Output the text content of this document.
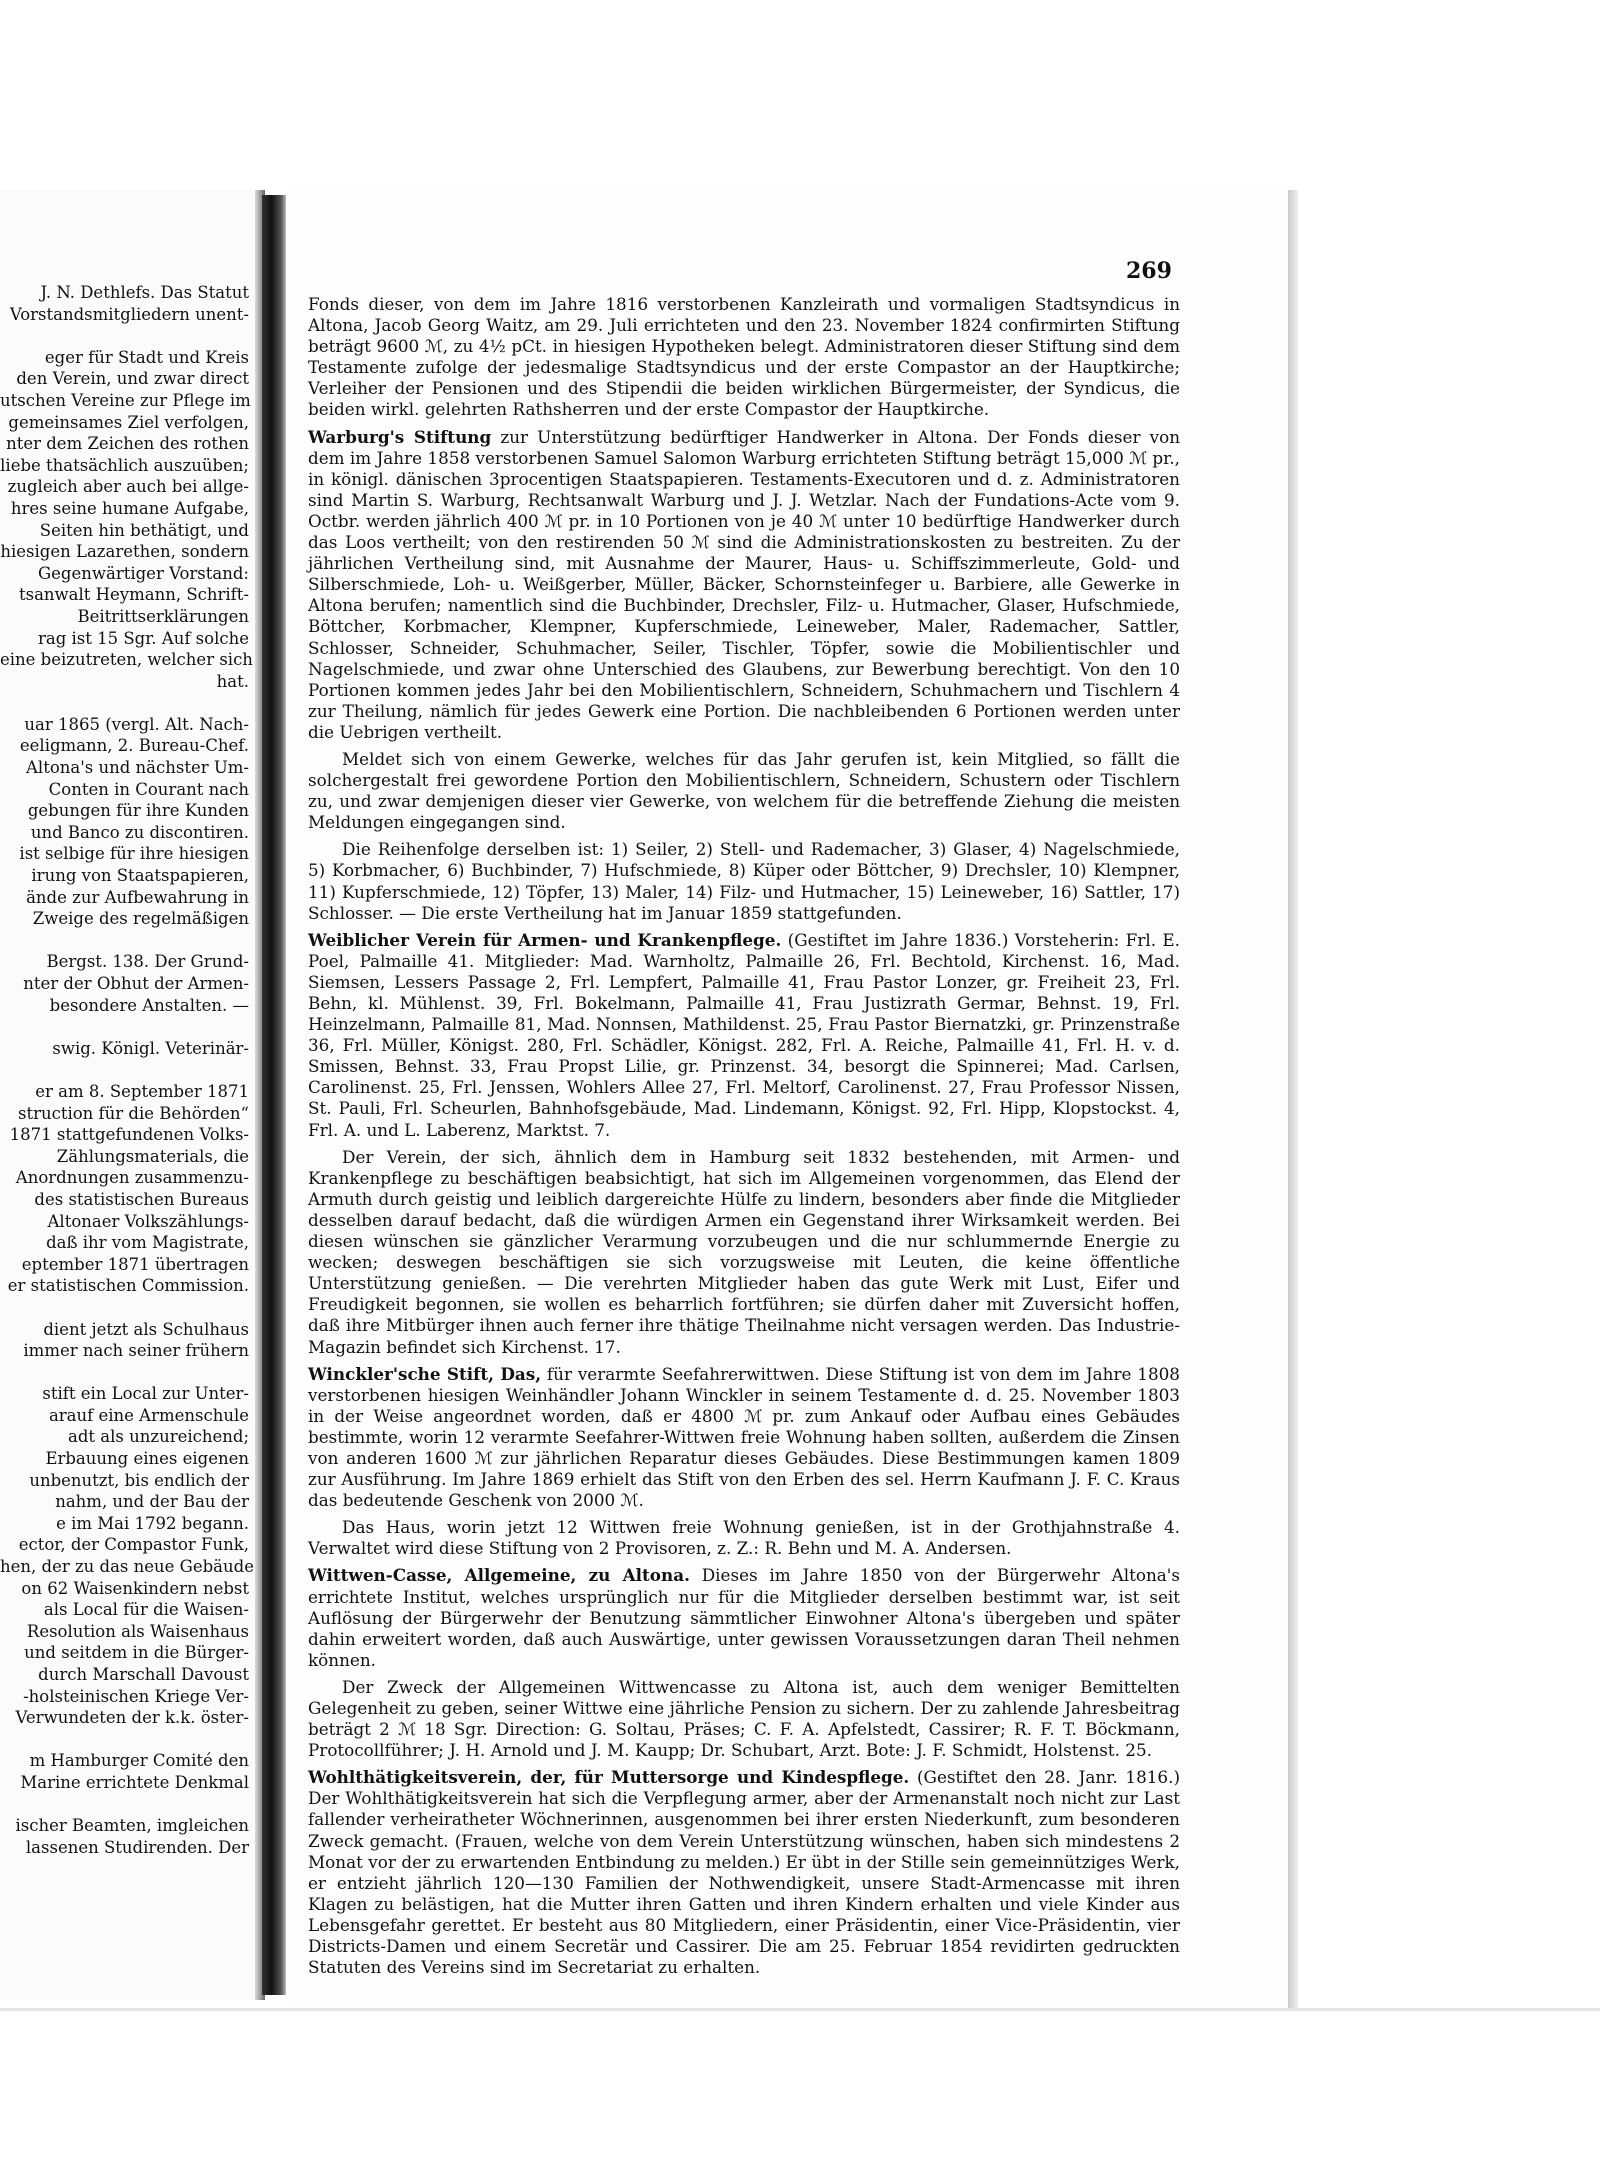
J. N. Dethlefs. Das Statut
Vorstandsmitgliedern unent-
eger für Stadt und Kreis
den Verein, und zwar direct
utschen Vereine zur Pflege im
gemeinsames Ziel verfolgen,
nter dem Zeichen des rothen
liebe thatsächlich auszuüben;
zugleich aber auch bei allge-
hres seine humane Aufgabe,
Seiten hin bethätigt, und
hiesigen Lazarethen, sondern
Gegenwärtiger Vorstand:
tsanwalt Heymann, Schrift-
Beitrittserklärungen
rag ist 15 Sgr. Auf solche
eine beizutreten, welcher sich
hat.
uar 1865 (vergl. Alt. Nach-
eeligmann, 2. Bureau-Chef.
Altona's und nächster Um-
Conten in Courant nach
gebungen für ihre Kunden
und Banco zu discontiren.
ist selbige für ihre hiesigen
irung von Staatspapieren,
ände zur Aufbewahrung in
Zweige des regelmäßigen
Bergst. 138. Der Grund-
nter der Obhut der Armen-
besondere Anstalten. —
swig. Königl. Veterinär-
er am 8. September 1871
struction für die Behörden“
1871 stattgefundenen Volks-
Zählungsmaterials, die
Anordnungen zusammenzu-
des statistischen Bureaus
Altonaer Volkszählungs-
daß ihr vom Magistrate,
eptember 1871 übertragen
er statistischen Commission.
dient jetzt als Schulhaus
immer nach seiner frühern
stift ein Local zur Unter-
arauf eine Armenschule
adt als unzureichend;
Erbauung eines eigenen
unbenutzt, bis endlich der
nahm, und der Bau der
e im Mai 1792 begann.
ector, der Compastor Funk,
hen, der zu das neue Gebäude
on 62 Waisenkindern nebst
als Local für die Waisen-
Resolution als Waisenhaus
und seitdem in die Bürger-
durch Marschall Davoust
-holsteinischen Kriege Ver-
Verwundeten der k.k. öster-
m Hamburger Comité den
Marine errichtete Denkmal
ischer Beamten, imgleichen
lassenen Studirenden. Der
269

Fonds dieser, von dem im Jahre 1816 verstorbenen Kanzleirath und vormaligen Stadtsyndicus in Altona, Jacob Georg Waitz, am 29. Juli errichteten und den 23. November 1824 confirmirten Stiftung beträgt 9600 ℳ, zu 4½ pCt. in hiesigen Hypotheken belegt. Administratoren dieser Stiftung sind dem Testamente zufolge der jedesmalige Stadtsyndicus und der erste Compastor an der Hauptkirche; Verleiher der Pensionen und des Stipendii die beiden wirklichen Bürgermeister, der Syndicus, die beiden wirkl. gelehrten Rathsherren und der erste Compastor der Hauptkirche.

Warburg's Stiftung zur Unterstützung bedürftiger Handwerker in Altona. Der Fonds dieser von dem im Jahre 1858 verstorbenen Samuel Salomon Warburg errichteten Stiftung beträgt 15,000 ℳ pr., in königl. dänischen 3procentigen Staatspapieren. Testaments-Executoren und d. z. Administratoren sind Martin S. Warburg, Rechtsanwalt Warburg und J. J. Wetzlar. Nach der Fundations-Acte vom 9. Octbr. werden jährlich 400 ℳ pr. in 10 Portionen von je 40 ℳ unter 10 bedürftige Handwerker durch das Loos vertheilt; von den restirenden 50 ℳ sind die Administrationskosten zu bestreiten. Zu der jährlichen Vertheilung sind, mit Ausnahme der Maurer, Haus- u. Schiffszimmerleute, Gold- und Silberschmiede, Loh- u. Weißgerber, Müller, Bäcker, Schornsteinfeger u. Barbiere, alle Gewerke in Altona berufen; namentlich sind die Buchbinder, Drechsler, Filz- u. Hutmacher, Glaser, Hufschmiede, Böttcher, Korbmacher, Klempner, Kupferschmiede, Leineweber, Maler, Rademacher, Sattler, Schlosser, Schneider, Schuhmacher, Seiler, Tischler, Töpfer, sowie die Mobilientischler und Nagelschmiede, und zwar ohne Unterschied des Glaubens, zur Bewerbung berechtigt. Von den 10 Portionen kommen jedes Jahr bei den Mobilientischlern, Schneidern, Schuhmachern und Tischlern 4 zur Theilung, nämlich für jedes Gewerk eine Portion. Die nachbleibenden 6 Portionen werden unter die Uebrigen vertheilt.

Meldet sich von einem Gewerke, welches für das Jahr gerufen ist, kein Mitglied, so fällt die solchergestalt frei gewordene Portion den Mobilientischlern, Schneidern, Schustern oder Tischlern zu, und zwar demjenigen dieser vier Gewerke, von welchem für die betreffende Ziehung die meisten Meldungen eingegangen sind.

Die Reihenfolge derselben ist: 1) Seiler, 2) Stell- und Rademacher, 3) Glaser, 4) Nagelschmiede, 5) Korbmacher, 6) Buchbinder, 7) Hufschmiede, 8) Küper oder Böttcher, 9) Drechsler, 10) Klempner, 11) Kupferschmiede, 12) Töpfer, 13) Maler, 14) Filz- und Hutmacher, 15) Leineweber, 16) Sattler, 17) Schlosser. — Die erste Vertheilung hat im Januar 1859 stattgefunden.

Weiblicher Verein für Armen- und Krankenpflege. (Gestiftet im Jahre 1836.) Vorsteherin: Frl. E. Poel, Palmaille 41. Mitglieder: Mad. Warnholtz, Palmaille 26, Frl. Bechtold, Kirchenst. 16, Mad. Siemsen, Lessers Passage 2, Frl. Lempfert, Palmaille 41, Frau Pastor Lonzer, gr. Freiheit 23, Frl. Behn, kl. Mühlenst. 39, Frl. Bokelmann, Palmaille 41, Frau Justizrath Germar, Behnst. 19, Frl. Heinzelmann, Palmaille 81, Mad. Nonnsen, Mathildenst. 25, Frau Pastor Biernatzki, gr. Prinzenstraße 36, Frl. Müller, Königst. 280, Frl. Schädler, Königst. 282, Frl. A. Reiche, Palmaille 41, Frl. H. v. d. Smissen, Behnst. 33, Frau Propst Lilie, gr. Prinzenst. 34, besorgt die Spinnerei; Mad. Carlsen, Carolinenst. 25, Frl. Jenssen, Wohlers Allee 27, Frl. Meltorf, Carolinenst. 27, Frau Professor Nissen, St. Pauli, Frl. Scheurlen, Bahnhofsgebäude, Mad. Lindemann, Königst. 92, Frl. Hipp, Klopstockst. 4, Frl. A. und L. Laberenz, Marktst. 7.

Der Verein, der sich, ähnlich dem in Hamburg seit 1832 bestehenden, mit Armen- und Krankenpflege zu beschäftigen beabsichtigt, hat sich im Allgemeinen vorgenommen, das Elend der Armuth durch geistig und leiblich dargereichte Hülfe zu lindern, besonders aber finde die Mitglieder desselben darauf bedacht, daß die würdigen Armen ein Gegenstand ihrer Wirksamkeit werden. Bei diesen wünschen sie gänzlicher Verarmung vorzubeugen und die nur schlummernde Energie zu wecken; deswegen beschäftigen sie sich vorzugsweise mit Leuten, die keine öffentliche Unterstützung genießen. — Die verehrten Mitglieder haben das gute Werk mit Lust, Eifer und Freudigkeit begonnen, sie wollen es beharrlich fortführen; sie dürfen daher mit Zuversicht hoffen, daß ihre Mitbürger ihnen auch ferner ihre thätige Theilnahme nicht versagen werden. Das Industrie-Magazin befindet sich Kirchenst. 17.

Winckler'sche Stift, Das, für verarmte Seefahrerwittwen. Diese Stiftung ist von dem im Jahre 1808 verstorbenen hiesigen Weinhändler Johann Winckler in seinem Testamente d. d. 25. November 1803 in der Weise angeordnet worden, daß er 4800 ℳ pr. zum Ankauf oder Aufbau eines Gebäudes bestimmte, worin 12 verarmte Seefahrer-Wittwen freie Wohnung haben sollten, außerdem die Zinsen von anderen 1600 ℳ zur jährlichen Reparatur dieses Gebäudes. Diese Bestimmungen kamen 1809 zur Ausführung. Im Jahre 1869 erhielt das Stift von den Erben des sel. Herrn Kaufmann J. F. C. Kraus das bedeutende Geschenk von 2000 ℳ.

Das Haus, worin jetzt 12 Wittwen freie Wohnung genießen, ist in der Grothjahnstraße 4. Verwaltet wird diese Stiftung von 2 Provisoren, z. Z.: R. Behn und M. A. Andersen.

Wittwen-Casse, Allgemeine, zu Altona. Dieses im Jahre 1850 von der Bürgerwehr Altona's errichtete Institut, welches ursprünglich nur für die Mitglieder derselben bestimmt war, ist seit Auflösung der Bürgerwehr der Benutzung sämmtlicher Einwohner Altona's übergeben und später dahin erweitert worden, daß auch Auswärtige, unter gewissen Voraussetzungen daran Theil nehmen können.

Der Zweck der Allgemeinen Wittwencasse zu Altona ist, auch dem weniger Bemittelten Gelegenheit zu geben, seiner Wittwe eine jährliche Pension zu sichern. Der zu zahlende Jahresbeitrag beträgt 2 ℳ 18 Sgr. Direction: G. Soltau, Präses; C. F. A. Apfelstedt, Cassirer; R. F. T. Böckmann, Protocollführer; J. H. Arnold und J. M. Kaupp; Dr. Schubart, Arzt. Bote: J. F. Schmidt, Holstenst. 25.

Wohlthätigkeitsverein, der, für Muttersorge und Kindespflege. (Gestiftet den 28. Janr. 1816.) Der Wohlthätigkeitsverein hat sich die Verpflegung armer, aber der Armenanstalt noch nicht zur Last fallender verheiratheter Wöchnerinnen, ausgenommen bei ihrer ersten Niederkunft, zum besonderen Zweck gemacht. (Frauen, welche von dem Verein Unterstützung wünschen, haben sich mindestens 2 Monat vor der zu erwartenden Entbindung zu melden.) Er übt in der Stille sein gemeinnütziges Werk, er entzieht jährlich 120—130 Familien der Nothwendigkeit, unsere Stadt-Armencasse mit ihren Klagen zu belästigen, hat die Mutter ihren Gatten und ihren Kindern erhalten und viele Kinder aus Lebensgefahr gerettet. Er besteht aus 80 Mitgliedern, einer Präsidentin, einer Vice-Präsidentin, vier Districts-Damen und einem Secretär und Cassirer. Die am 25. Februar 1854 revidirten gedruckten Statuten des Vereins sind im Secretariat zu erhalten.
